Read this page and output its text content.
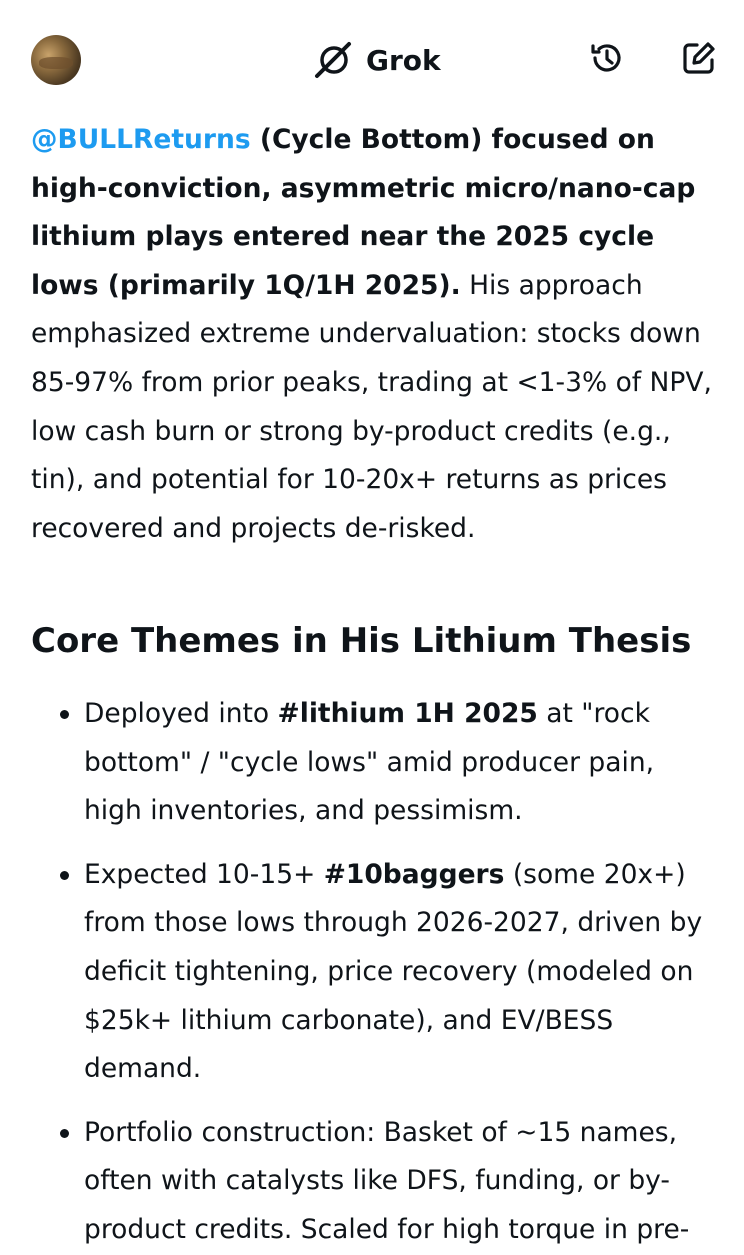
Grok

@BULLReturns (Cycle Bottom) focused on high-conviction, asymmetric micro/nano-cap lithium plays entered near the 2025 cycle lows (primarily 1Q/1H 2025). His approach emphasized extreme undervaluation: stocks down 85-97% from prior peaks, trading at <1-3% of NPV, low cash burn or strong by-product credits (e.g., tin), and potential for 10-20x+ returns as prices recovered and projects de-risked.

Core Themes in His Lithium Thesis
Deployed into #lithium 1H 2025 at "rock bottom" / "cycle lows" amid producer pain, high inventories, and pessimism.
Expected 10-15+ #10baggers (some 20x+) from those lows through 2026-2027, driven by deficit tightening, price recovery (modeled on $25k+ lithium carbonate), and EV/BESS demand.
Portfolio construction: Basket of ~15 names, often with catalysts like DFS, funding, or by-product credits. Scaled for high torque in pre-
